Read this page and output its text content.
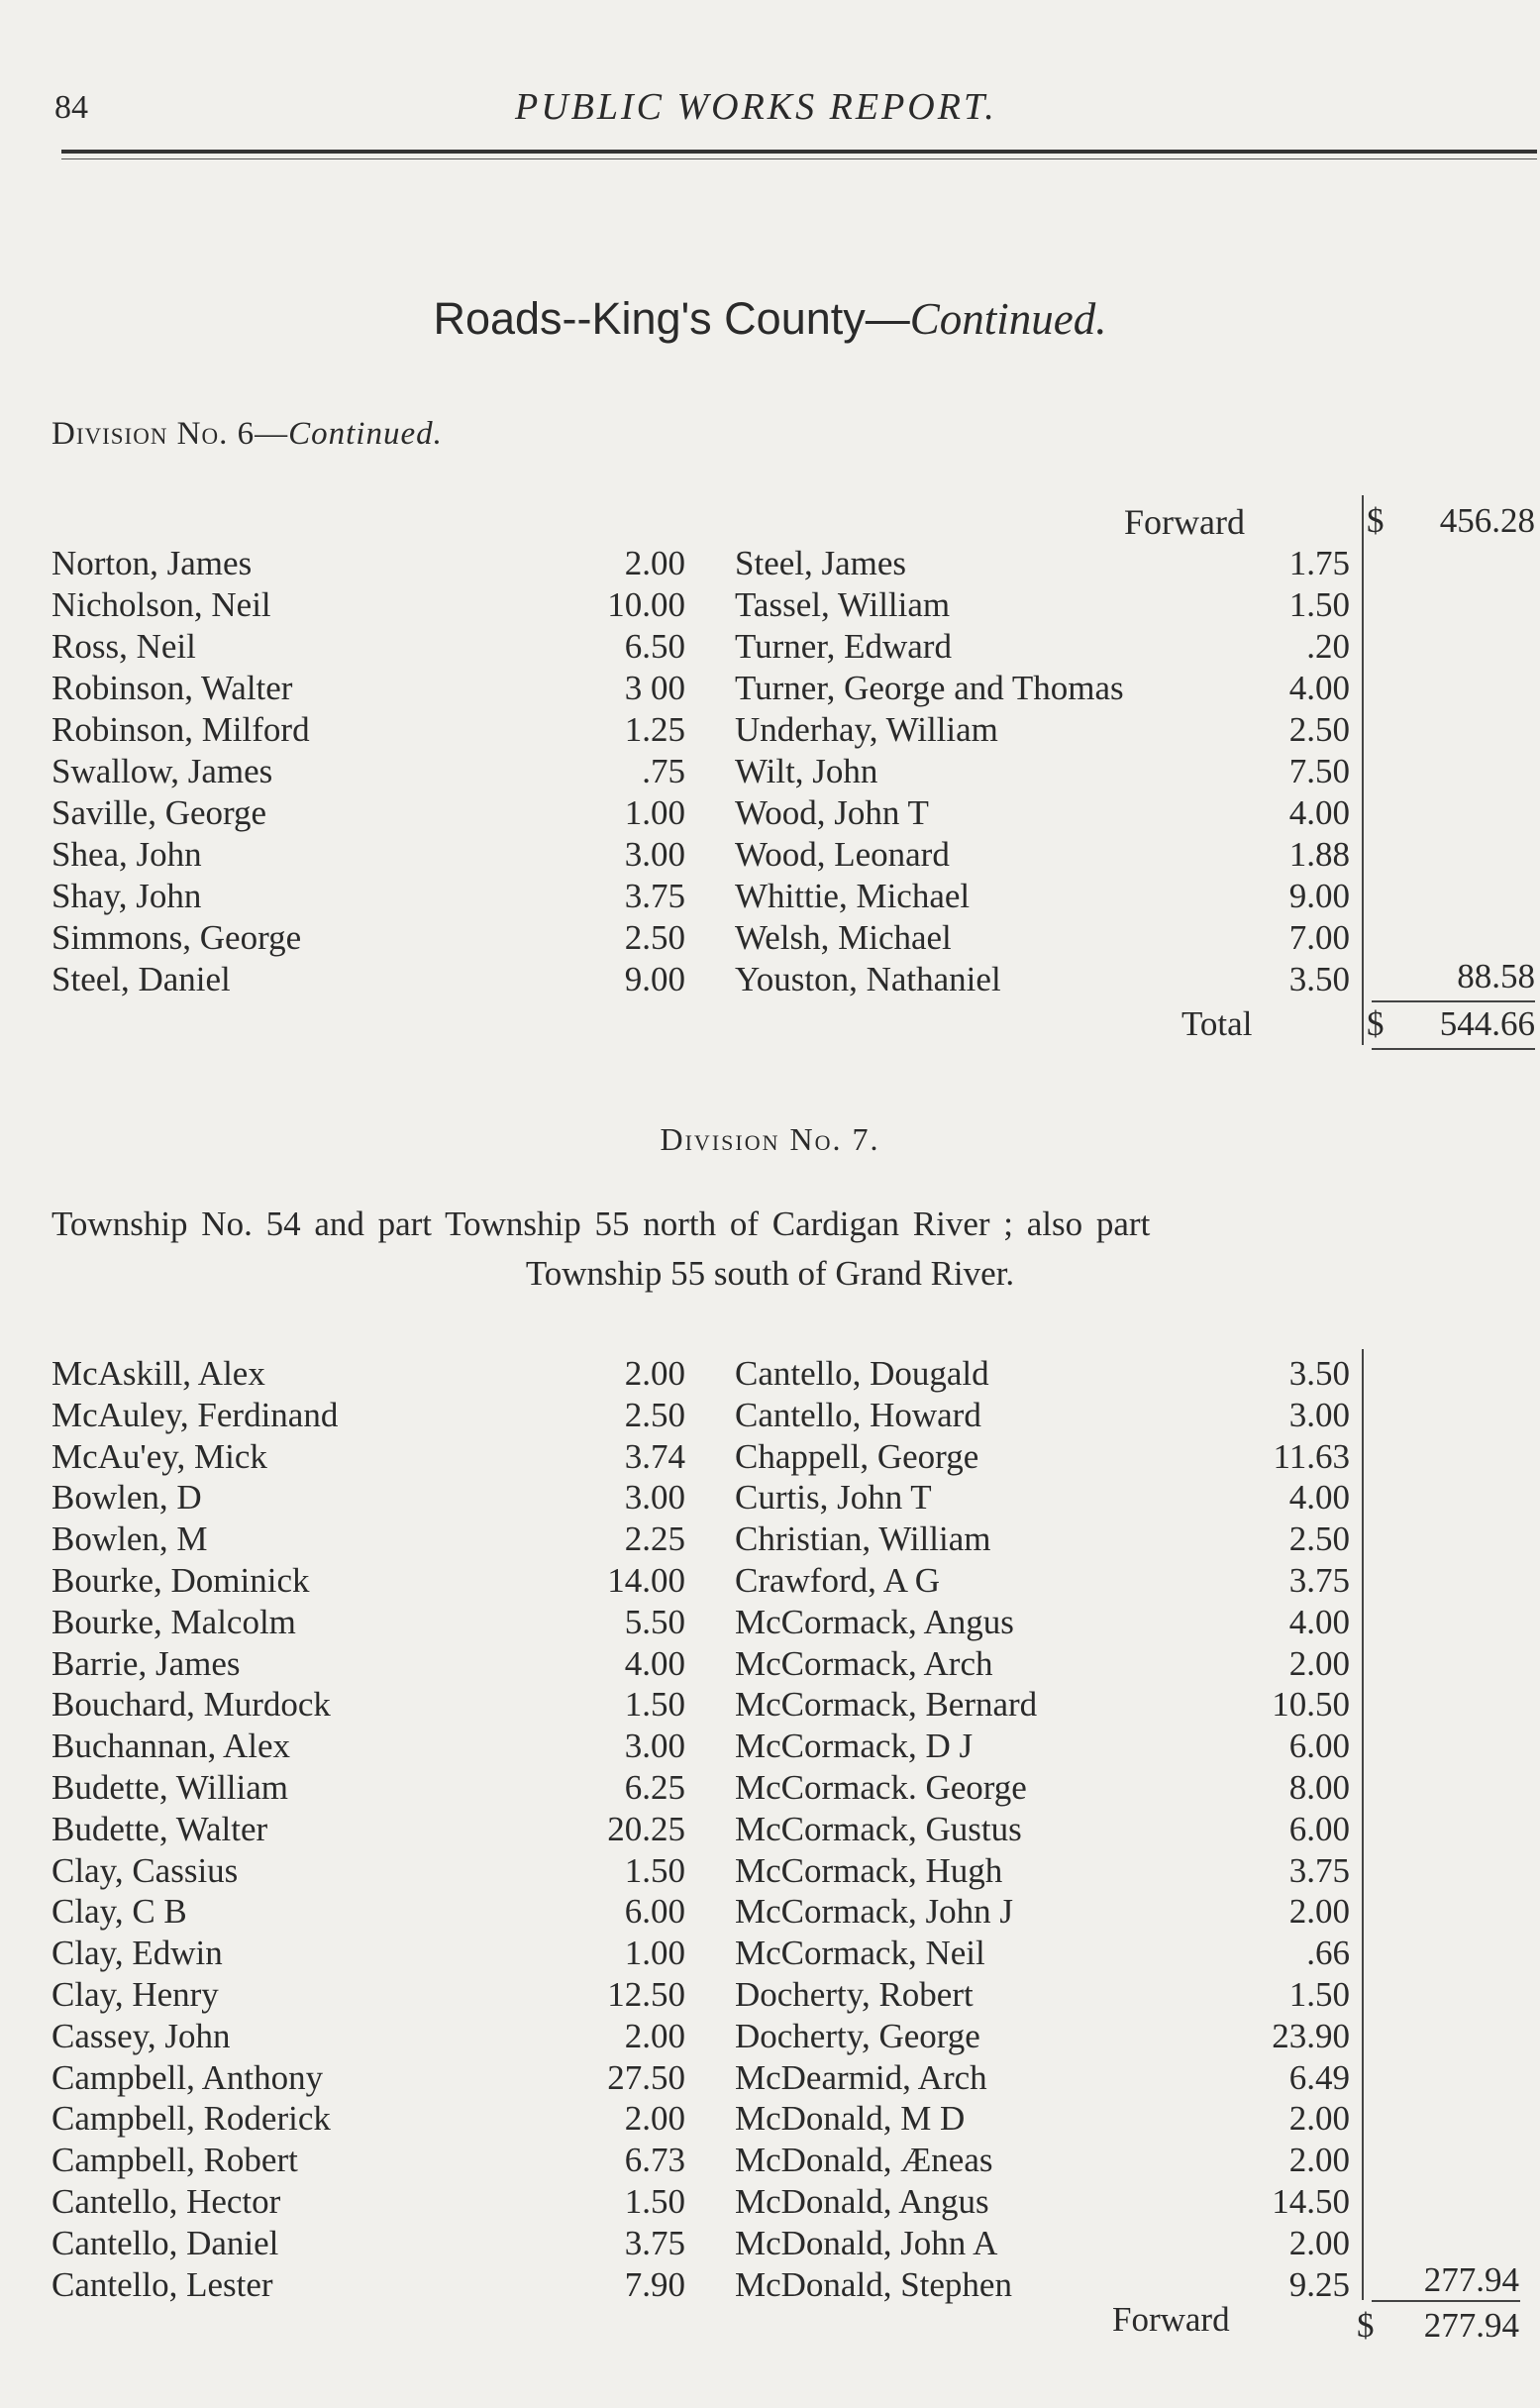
84	PUBLIC WORKS REPORT.
Roads--King's County—Continued.
Division No. 6—Continued.
Forward	$	456.28
Norton, James	2.00
Nicholson, Neil	10.00
Ross, Neil	6.50
Robinson, Walter	3 00
Robinson, Milford	1.25
Swallow, James	.75
Saville, George	1.00
Shea, John	3.00
Shay, John	3.75
Simmons, George	2.50
Steel, Daniel	9.00
Steel, James	1.75
Tassel, William	1.50
Turner, Edward	.20
Turner, George and Thomas	4.00
Underhay, William	2.50
Wilt, John	7.50
Wood, John T	4.00
Wood, Leonard	1.88
Whittie, Michael	9.00
Welsh, Michael	7.00
Youston, Nathaniel	3.50	88.58
Total	$	544.66
Division No. 7.
Township No. 54 and part Township 55 north of Cardigan River ; also part
Township 55 south of Grand River.
McAskill, Alex	2.00
McAuley, Ferdinand	2.50
McAu'ey, Mick	3.74
Bowlen, D	3.00
Bowlen, M	2.25
Bourke, Dominick	14.00
Bourke, Malcolm	5.50
Barrie, James	4.00
Bouchard, Murdock	1.50
Buchannan, Alex	3.00
Budette, William	6.25
Budette, Walter	20.25
Clay, Cassius	1.50
Clay, C B	6.00
Clay, Edwin	1.00
Clay, Henry	12.50
Cassey, John	2.00
Campbell, Anthony	27.50
Campbell, Roderick	2.00
Campbell, Robert	6.73
Cantello, Hector	1.50
Cantello, Daniel	3.75
Cantello, Lester	7.90
Cantello, Dougald	3.50
Cantello, Howard	3.00
Chappell, George	11.63
Curtis, John T	4.00
Christian, William	2.50
Crawford, A G	3.75
McCormack, Angus	4.00
McCormack, Arch	2.00
McCormack, Bernard	10.50
McCormack, D J	6.00
McCormack. George	8.00
McCormack, Gustus	6.00
McCormack, Hugh	3.75
McCormack, John J	2.00
McCormack, Neil	.66
Docherty, Robert	1.50
Docherty, George	23.90
McDearmid, Arch	6.49
McDonald, M D	2.00
McDonald, Æneas	2.00
McDonald, Angus	14.50
McDonald, John A	2.00
McDonald, Stephen	9.25	277.94
Forward	$	277.94
